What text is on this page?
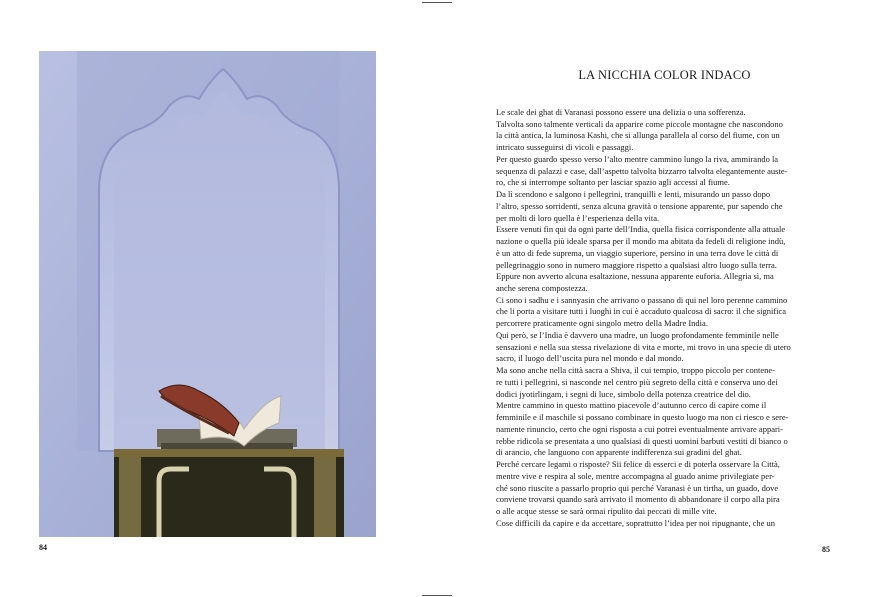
84	85
LA NICCHIA COLOR INDACO
Le scale dei ghat di Varanasi possono essere una delizia o una sofferenza.
Talvolta sono talmente verticali da apparire come piccole montagne che nascondono
la città antica, la luminosa Kashi, che si allunga parallela al corso del fiume, con un
intricato susseguirsi di vicoli e passaggi.
Per questo guardo spesso verso l’alto mentre cammino lungo la riva, ammirando la
sequenza di palazzi e case, dall’aspetto talvolta bizzarro talvolta elegantemente auste-
ro, che si interrompe soltanto per lasciar spazio agli accessi al fiume.
Da lì scendono e salgono i pellegrini, tranquilli e lenti, misurando un passo dopo
l’altro, spesso sorridenti, senza alcuna gravità o tensione apparente, pur sapendo che
per molti di loro quella è l’esperienza della vita.
Essere venuti fin qui da ogni parte dell’India, quella fisica corrispondente alla attuale
nazione o quella più ideale sparsa per il mondo ma abitata da fedeli di religione indù,
è un atto di fede suprema, un viaggio superiore, persino in una terra dove le città di
pellegrinaggio sono in numero maggiore rispetto a qualsiasi altro luogo sulla terra.
Eppure non avverto alcuna esaltazione, nessuna apparente euforia. Allegria sì, ma
anche serena compostezza.
Ci sono i sadhu e i sannyasin che arrivano o passano di qui nel loro perenne cammino
che li porta a visitare tutti i luoghi in cui è accaduto qualcosa di sacro: il che significa
percorrere praticamente ogni singolo metro della Madre India.
Qui però, se l’India è davvero una madre, un luogo profondamente femminile nelle
sensazioni e nella sua stessa rivelazione di vita e morte, mi trovo in una specie di utero
sacro, il luogo dell’uscita pura nel mondo e dal mondo.
Ma sono anche nella città sacra a Shiva, il cui tempio, troppo piccolo per contene-
re tutti i pellegrini, si nasconde nel centro più segreto della città e conserva uno dei
dodici jyotirlingam, i segni di luce, simbolo della potenza creatrice del dio.
Mentre cammino in questo mattino piacevole d’autunno cerco di capire come il
femminile e il maschile si possano combinare in questo luogo ma non ci riesco e sere-
namente rinuncio, certo che ogni risposta a cui potrei eventualmente arrivare appari-
rebbe ridicola se presentata a uno qualsiasi di questi uomini barbuti vestiti di bianco o
di arancio, che languono con apparente indifferenza sui gradini del ghat.
Perché cercare legami o risposte? Sii felice di esserci e di poterla osservare la Città,
mentre vive e respira al sole, mentre accompagna al guado anime privilegiate per-
ché sono riuscite a passarlo proprio qui perché Varanasi è un tirtha, un guado, dove
conviene trovarsi quando sarà arrivato il momento di abbandonare il corpo alla pira
o alle acque stesse se sarà ormai ripulito dai peccati di mille vite.
Cose difficili da capire e da accettare, soprattutto l’idea per noi ripugnante, che un
